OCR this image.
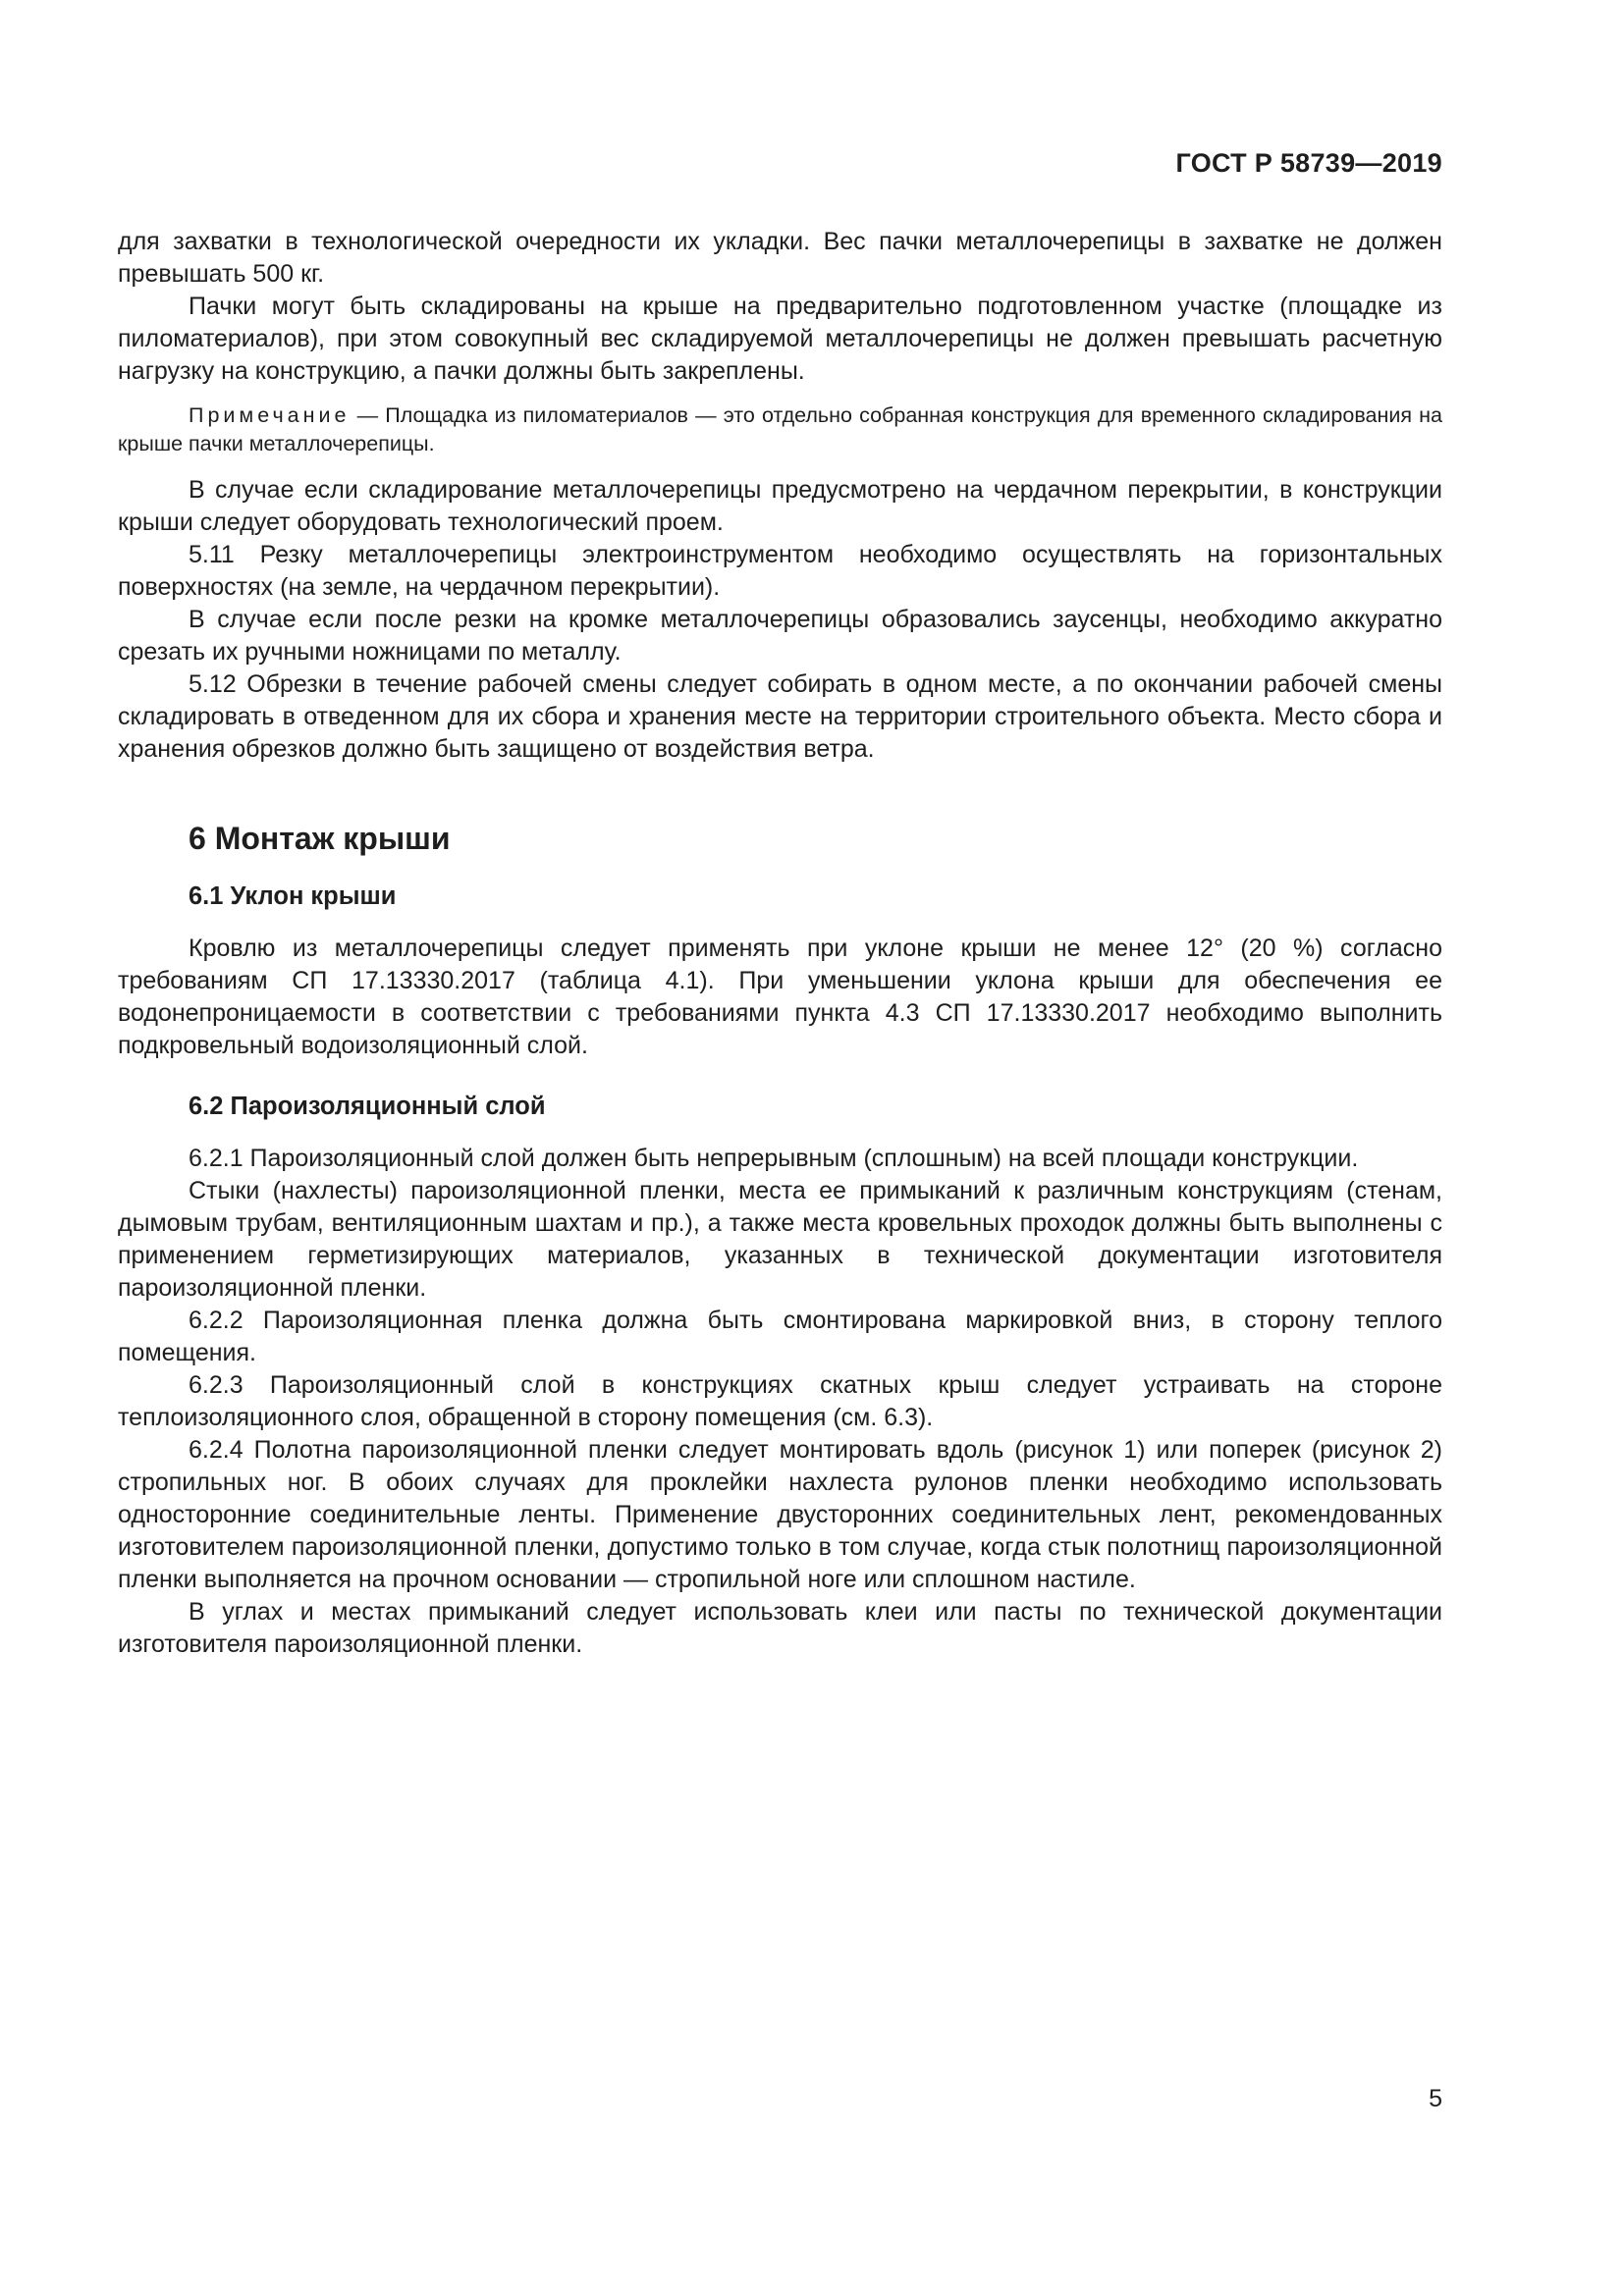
ГОСТ Р 58739—2019

для захватки в технологической очередности их укладки. Вес пачки металлочерепицы в захватке не должен превышать 500 кг.

Пачки могут быть складированы на крыше на предварительно подготовленном участке (площадке из пиломатериалов), при этом совокупный вес складируемой металлочерепицы не должен превышать расчетную нагрузку на конструкцию, а пачки должны быть закреплены.

Примечание — Площадка из пиломатериалов — это отдельно собранная конструкция для временного складирования на крыше пачки металлочерепицы.

В случае если складирование металлочерепицы предусмотрено на чердачном перекрытии, в конструкции крыши следует оборудовать технологический проем.

5.11 Резку металлочерепицы электроинструментом необходимо осуществлять на горизонтальных поверхностях (на земле, на чердачном перекрытии).

В случае если после резки на кромке металлочерепицы образовались заусенцы, необходимо аккуратно срезать их ручными ножницами по металлу.

5.12 Обрезки в течение рабочей смены следует собирать в одном месте, а по окончании рабочей смены складировать в отведенном для их сбора и хранения месте на территории строительного объекта. Место сбора и хранения обрезков должно быть защищено от воздействия ветра.

6 Монтаж крыши
6.1 Уклон крыши

Кровлю из металлочерепицы следует применять при уклоне крыши не менее 12° (20 %) согласно требованиям СП 17.13330.2017 (таблица 4.1). При уменьшении уклона крыши для обеспечения ее водонепроницаемости в соответствии с требованиями пункта 4.3 СП 17.13330.2017 необходимо выполнить подкровельный водоизоляционный слой.

6.2 Пароизоляционный слой

6.2.1 Пароизоляционный слой должен быть непрерывным (сплошным) на всей площади конструкции.

Стыки (нахлесты) пароизоляционной пленки, места ее примыканий к различным конструкциям (стенам, дымовым трубам, вентиляционным шахтам и пр.), а также места кровельных проходок должны быть выполнены с применением герметизирующих материалов, указанных в технической документации изготовителя пароизоляционной пленки.

6.2.2 Пароизоляционная пленка должна быть смонтирована маркировкой вниз, в сторону теплого помещения.

6.2.3 Пароизоляционный слой в конструкциях скатных крыш следует устраивать на стороне теплоизоляционного слоя, обращенной в сторону помещения (см. 6.3).

6.2.4 Полотна пароизоляционной пленки следует монтировать вдоль (рисунок 1) или поперек (рисунок 2) стропильных ног. В обоих случаях для проклейки нахлеста рулонов пленки необходимо использовать односторонние соединительные ленты. Применение двусторонних соединительных лент, рекомендованных изготовителем пароизоляционной пленки, допустимо только в том случае, когда стык полотнищ пароизоляционной пленки выполняется на прочном основании — стропильной ноге или сплошном настиле.

В углах и местах примыканий следует использовать клеи или пасты по технической документации изготовителя пароизоляционной пленки.

5
